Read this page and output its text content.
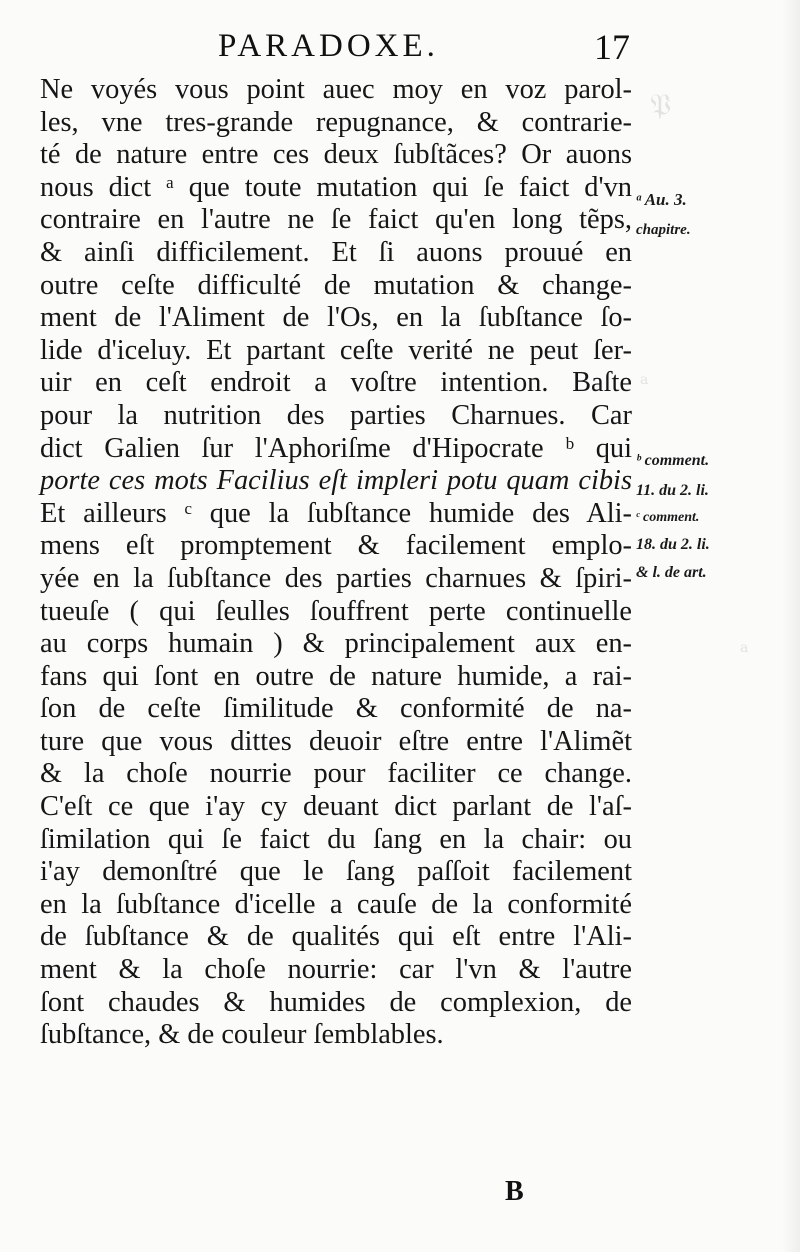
𝔓
a
a
PARADOXE.	17
Ne voyés vous point auec moy en voz parol-
les, vne tres-grande repugnance, & contrarie-
té de nature entre ces deux ſubſtãces? Or auons
nous dict ᵃ que toute mutation qui ſe faict d'vn
contraire en l'autre ne ſe faict qu'en long tẽps,
& ainſi difficilement. Et ſi auons prouué en
outre ceſte difficulté de mutation & change-
ment de l'Aliment de l'Os, en la ſubſtance ſo-
lide d'iceluy. Et partant ceſte verité ne peut ſer-
uir en ceſt endroit a voſtre intention. Baſte
pour la nutrition des parties Charnues. Car
dict Galien ſur l'Aphoriſme d'Hipocrate ᵇ qui
porte ces mots Facilius eſt impleri potu quam cibis
Et ailleurs ᶜ que la ſubſtance humide des Ali-
mens eſt promptement & facilement emplo-
yée en la ſubſtance des parties charnues & ſpiri-
tueuſe ( qui ſeulles ſouffrent perte continuelle
au corps humain ) & principalement aux en-
fans qui ſont en outre de nature humide, a rai-
ſon de ceſte ſimilitude & conformité de na-
ture que vous dittes deuoir eſtre entre l'Alimẽt
& la choſe nourrie pour faciliter ce change.
C'eſt ce que i'ay cy deuant dict parlant de l'aſ-
ſimilation qui ſe faict du ſang en la chair: ou
i'ay demonſtré que le ſang paſſoit facilement
en la ſubſtance d'icelle a cauſe de la conformité
de ſubſtance & de qualités qui eſt entre l'Ali-
ment & la choſe nourrie: car l'vn & l'autre
ſont chaudes & humides de complexion, de
ſubſtance, & de couleur ſemblables.
ᵃ Au. 3.
chapitre.
ᵇ comment.
11. du 2. li.
ᶜ comment.
18. du 2. li.
& l. de art.
B
